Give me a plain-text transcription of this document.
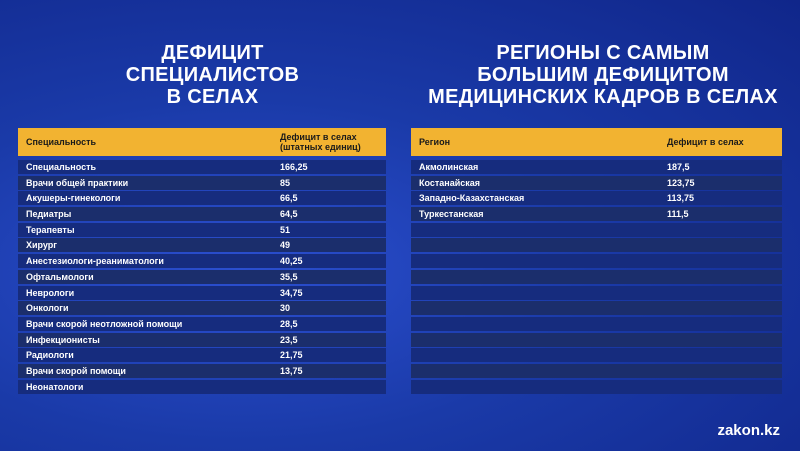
ДЕФИЦИТ
СПЕЦИАЛИСТОВ
В СЕЛАХ
РЕГИОНЫ С САМЫМ
БОЛЬШИМ ДЕФИЦИТОМ
МЕДИЦИНСКИХ КАДРОВ В СЕЛАХ
Специальность	Дефицит в селах
(штатных единиц)
Специальность	166,25
Врачи общей практики	85
Акушеры-гинекологи	66,5
Педиатры	64,5
Терапевты	51
Хирург	49
Анестезиологи-реаниматологи	40,25
Офтальмологи	35,5
Неврологи	34,75
Онкологи	30
Врачи скорой неотложной помощи	28,5
Инфекционисты	23,5
Радиологи	21,75
Врачи скорой помощи	13,75
Неонатологи
Регион	Дефицит в селах
Акмолинская	187,5
Костанайская	123,75
Западно-Казахстанская	113,75
Туркестанская	111,5
zakon.kz
